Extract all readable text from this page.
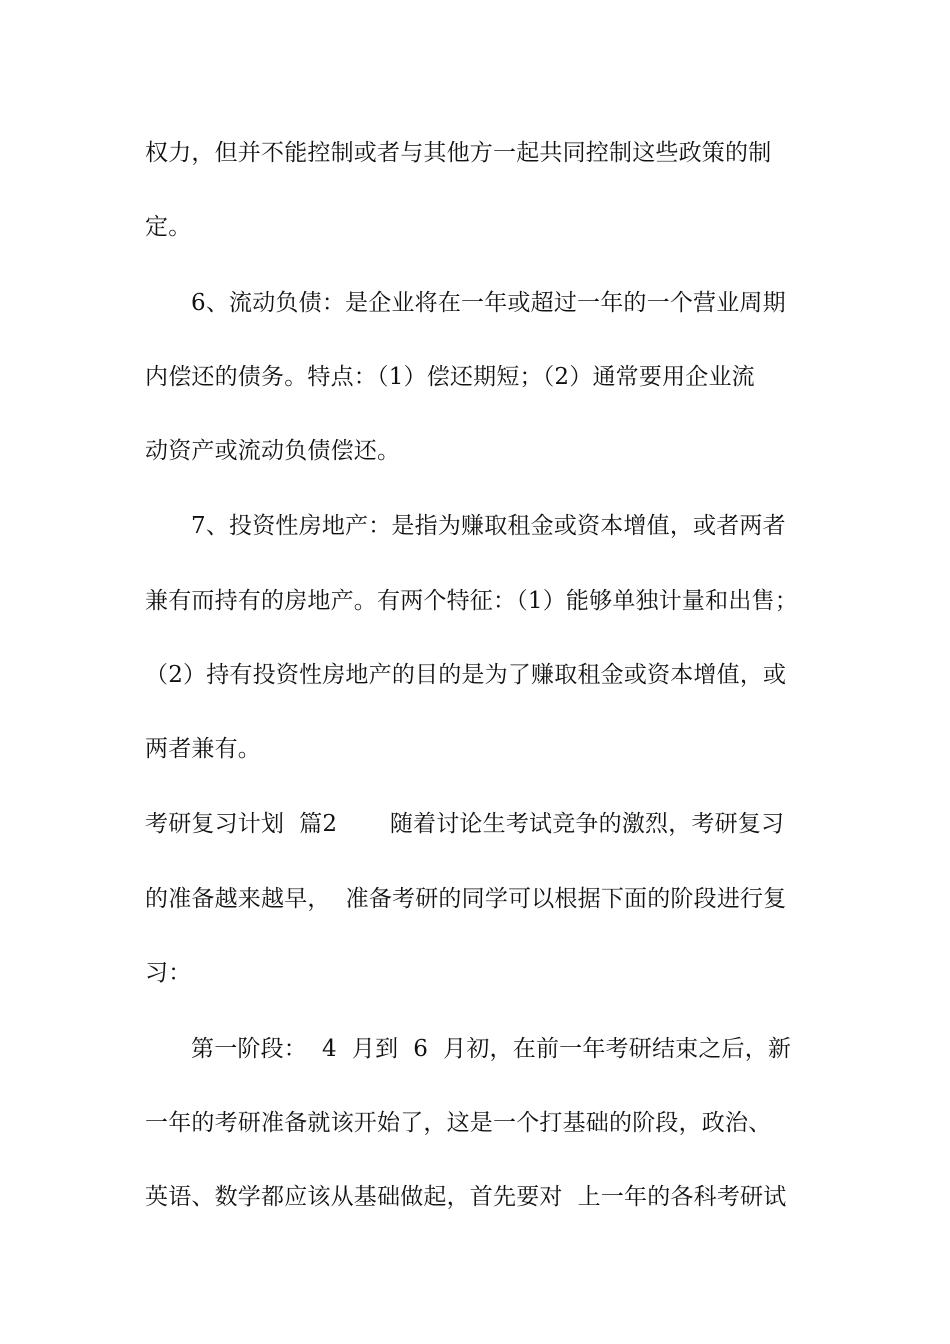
权力，但并不能控制或者与其他方一起共同控制这些政策的制
定。
6、流动负债：是企业将在一年或超过一年的一个营业周期
内偿还的债务。特点：（1）偿还期短；（2）通常要用企业流
动资产或流动负债偿还。
7、投资性房地产：是指为赚取租金或资本增值，或者两者
兼有而持有的房地产。有两个特征：（1）能够单独计量和出售；
（2）持有投资性房地产的目的是为了赚取租金或资本增值，或
两者兼有。
考研复习计划  篇2       随着讨论生考试竞争的激烈，考研复习
的准备越来越早，  准备考研的同学可以根据下面的阶段进行复
习：
第一阶段：  4  月到  6  月初，在前一年考研结束之后，新
一年的考研准备就该开始了，这是一个打基础的阶段，政治、
英语、数学都应该从基础做起，首先要对  上一年的各科考研试
